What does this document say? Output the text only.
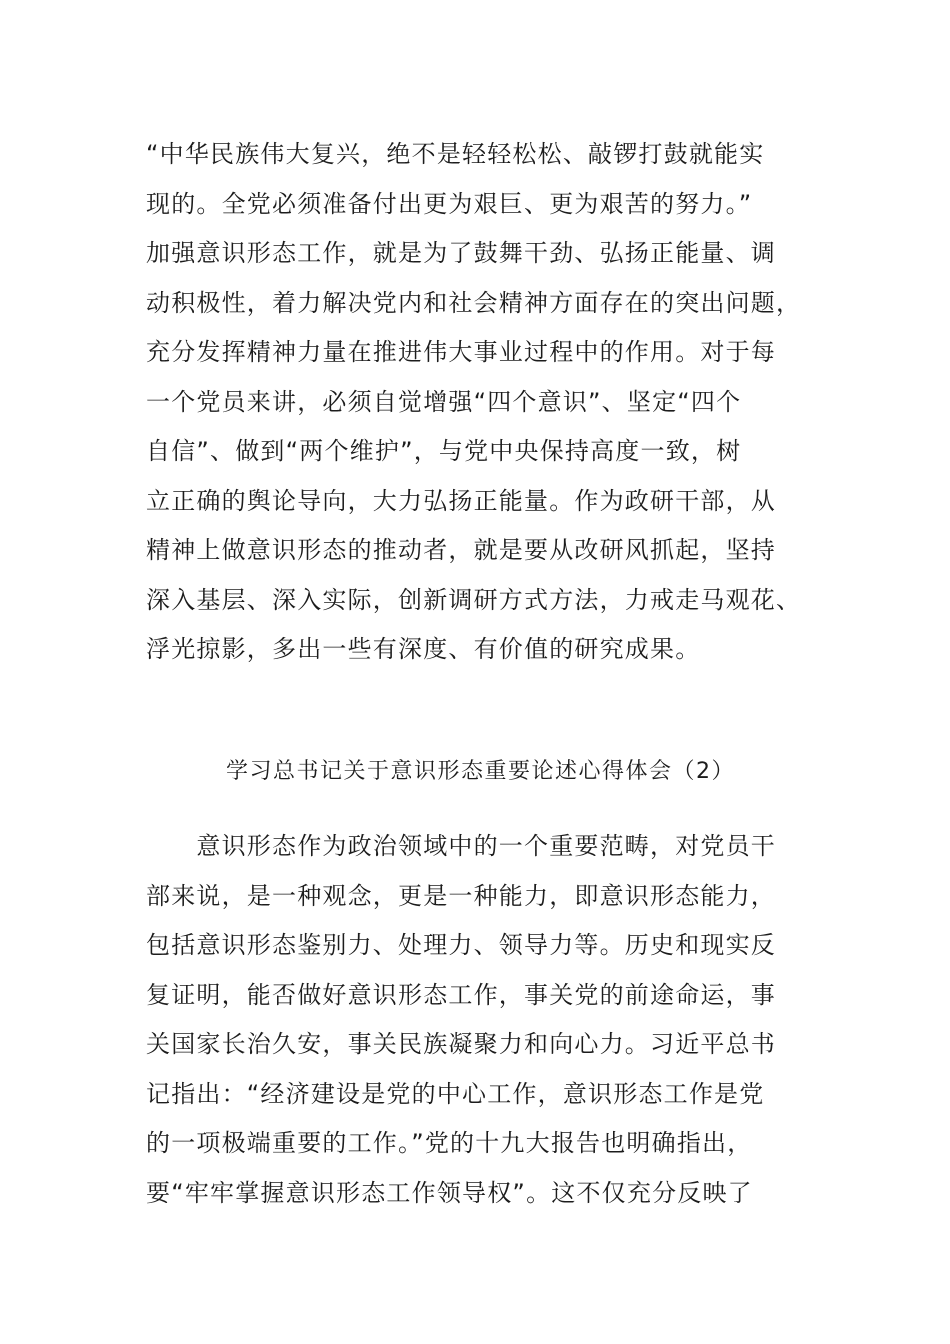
“中华民族伟大复兴，绝不是轻轻松松、敲锣打鼓就能实
现的。全党必须准备付出更为艰巨、更为艰苦的努力。”
加强意识形态工作，就是为了鼓舞干劲、弘扬正能量、调
动积极性，着力解决党内和社会精神方面存在的突出问题，
充分发挥精神力量在推进伟大事业过程中的作用。对于每
一个党员来讲，必须自觉增强“四个意识”、坚定“四个
自信”、做到“两个维护”，与党中央保持高度一致，树
立正确的舆论导向，大力弘扬正能量。作为政研干部，从
精神上做意识形态的推动者，就是要从改研风抓起，坚持
深入基层、深入实际，创新调研方式方法，力戒走马观花、
浮光掠影，多出一些有深度、有价值的研究成果。
学习总书记关于意识形态重要论述心得体会（2）
　　意识形态作为政治领域中的一个重要范畴，对党员干
部来说，是一种观念，更是一种能力，即意识形态能力，
包括意识形态鉴别力、处理力、领导力等。历史和现实反
复证明，能否做好意识形态工作，事关党的前途命运，事
关国家长治久安，事关民族凝聚力和向心力。习近平总书
记指出：“经济建设是党的中心工作，意识形态工作是党
的一项极端重要的工作。”党的十九大报告也明确指出，
要“牢牢掌握意识形态工作领导权”。这不仅充分反映了
